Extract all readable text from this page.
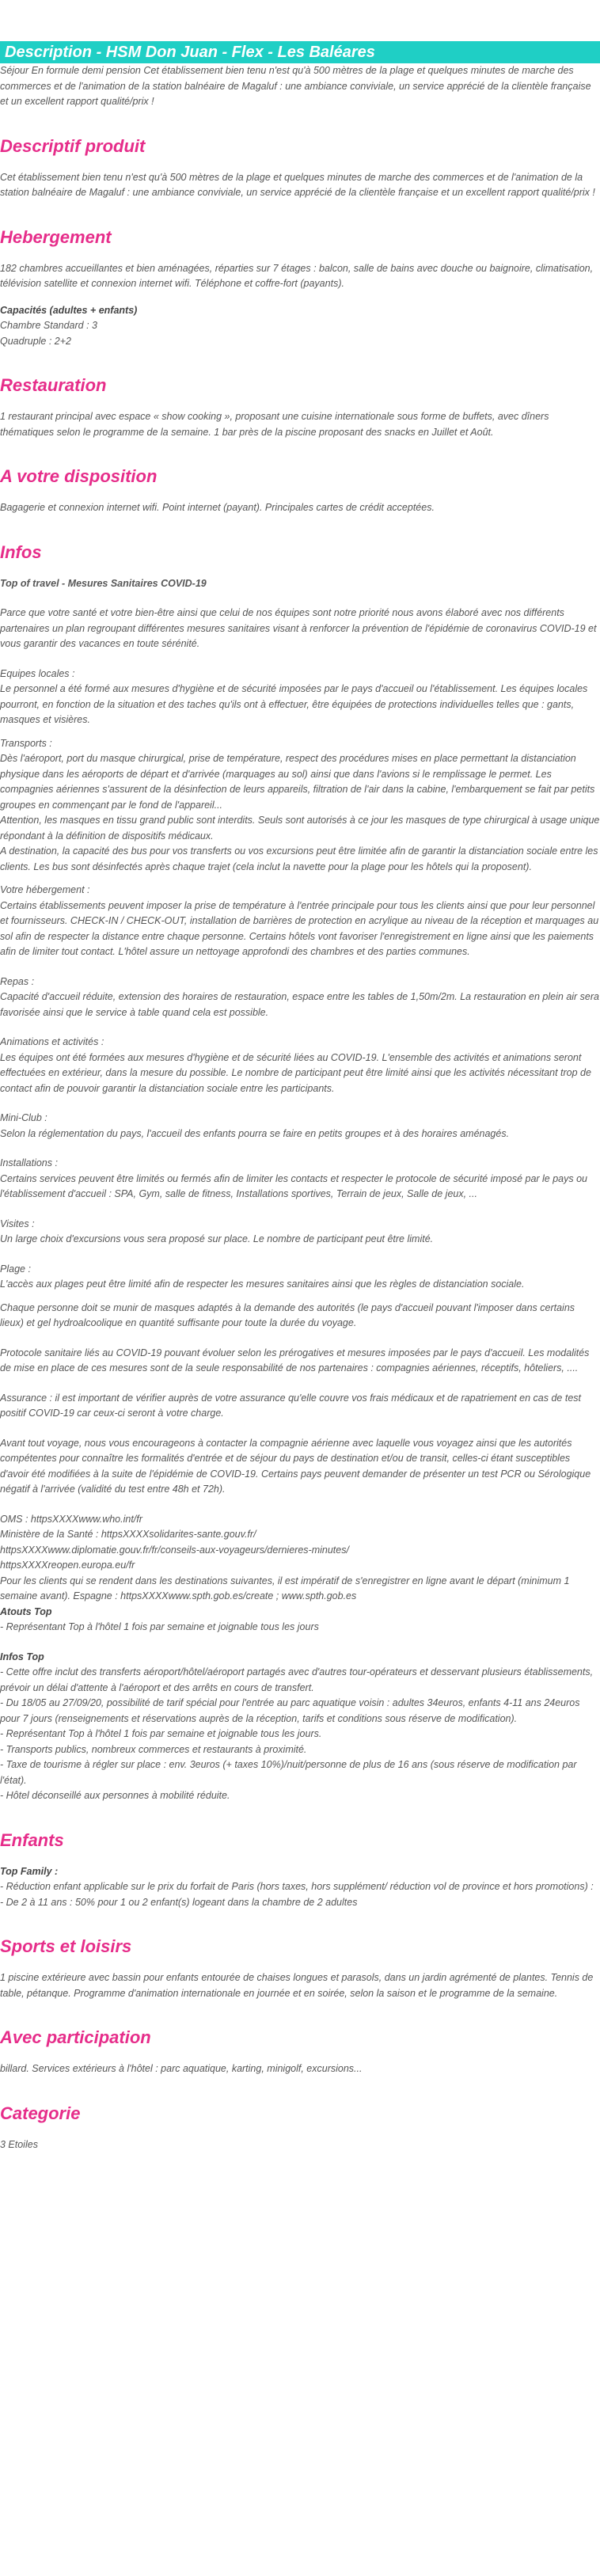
Description - HSM Don Juan - Flex - Les Baléares

Séjour En formule demi pension Cet établissement bien tenu n'est qu'à 500 mètres de la plage et quelques minutes de marche des commerces et de l'animation de la station balnéaire de Magaluf : une ambiance conviviale, un service apprécié de la clientèle française et un excellent rapport qualité/prix !

Descriptif produit

Cet établissement bien tenu n'est qu'à 500 mètres de la plage et quelques minutes de marche des commerces et de l'animation de la station balnéaire de Magaluf : une ambiance conviviale, un service apprécié de la clientèle française et un excellent rapport qualité/prix !

Hebergement

182 chambres accueillantes et bien aménagées, réparties sur 7 étages : balcon, salle de bains avec douche ou baignoire, climatisation, télévision satellite et connexion internet wifi. Téléphone et coffre-fort (payants).

Capacités (adultes + enfants)
Chambre Standard : 3
Quadruple : 2+2
Restauration

1 restaurant principal avec espace « show cooking », proposant une cuisine internationale sous forme de buffets, avec dîners thématiques selon le programme de la semaine. 1 bar près de la piscine proposant des snacks en Juillet et Août.

A votre disposition

Bagagerie et connexion internet wifi. Point internet (payant). Principales cartes de crédit acceptées.

Infos

Top of travel - Mesures Sanitaires COVID-19

Parce que votre santé et votre bien-être ainsi que celui de nos équipes sont notre priorité nous avons élaboré avec nos différents partenaires un plan regroupant différentes mesures sanitaires visant à renforcer la prévention de l'épidémie de coronavirus COVID-19 et vous garantir des vacances en toute sérénité.

Equipes locales :
Le personnel a été formé aux mesures d'hygiène et de sécurité imposées par le pays d'accueil ou l'établissement. Les équipes locales pourront, en fonction de la situation et des taches qu'ils ont à effectuer, être équipées de protections individuelles telles que : gants, masques et visières.
Transports :
Dès l'aéroport, port du masque chirurgical, prise de température, respect des procédures mises en place permettant la distanciation physique dans les aéroports de départ et d'arrivée (marquages au sol) ainsi que dans l'avions si le remplissage le permet. Les compagnies aériennes s'assurent de la désinfection de leurs appareils, filtration de l'air dans la cabine, l'embarquement se fait par petits groupes en commençant par le fond de l'appareil...
Attention, les masques en tissu grand public sont interdits. Seuls sont autorisés à ce jour les masques de type chirurgical à usage unique répondant à la définition de dispositifs médicaux.
A destination, la capacité des bus pour vos transferts ou vos excursions peut être limitée afin de garantir la distanciation sociale entre les clients. Les bus sont désinfectés après chaque trajet (cela inclut la navette pour la plage pour les hôtels qui la proposent).
Votre hébergement :
Certains établissements peuvent imposer la prise de température à l'entrée principale pour tous les clients ainsi que pour leur personnel et fournisseurs. CHECK-IN / CHECK-OUT, installation de barrières de protection en acrylique au niveau de la réception et marquages au sol afin de respecter la distance entre chaque personne. Certains hôtels vont favoriser l'enregistrement en ligne ainsi que les paiements afin de limiter tout contact. L'hôtel assure un nettoyage approfondi des chambres et des parties communes.
Repas :
Capacité d'accueil réduite, extension des horaires de restauration, espace entre les tables de 1,50m/2m. La restauration en plein air sera favorisée ainsi que le service à table quand cela est possible.
Animations et activités :
Les équipes ont été formées aux mesures d'hygiène et de sécurité liées au COVID-19. L'ensemble des activités et animations seront effectuées en extérieur, dans la mesure du possible. Le nombre de participant peut être limité ainsi que les activités nécessitant trop de contact afin de pouvoir garantir la distanciation sociale entre les participants.
Mini-Club :
Selon la réglementation du pays, l'accueil des enfants pourra se faire en petits groupes et à des horaires aménagés.
Installations :
Certains services peuvent être limités ou fermés afin de limiter les contacts et respecter le protocole de sécurité imposé par le pays ou l'établissement d'accueil : SPA, Gym, salle de fitness, Installations sportives, Terrain de jeux, Salle de jeux, ...
Visites :
Un large choix d'excursions vous sera proposé sur place. Le nombre de participant peut être limité.
Plage :
L'accès aux plages peut être limité afin de respecter les mesures sanitaires ainsi que les règles de distanciation sociale.

Chaque personne doit se munir de masques adaptés à la demande des autorités (le pays d'accueil pouvant l'imposer dans certains lieux) et gel hydroalcoolique en quantité suffisante pour toute la durée du voyage.

Protocole sanitaire liés au COVID-19 pouvant évoluer selon les prérogatives et mesures imposées par le pays d'accueil. Les modalités de mise en place de ces mesures sont de la seule responsabilité de nos partenaires : compagnies aériennes, réceptifs, hôteliers, ....

Assurance : il est important de vérifier auprès de votre assurance qu'elle couvre vos frais médicaux et de rapatriement en cas de test positif COVID-19 car ceux-ci seront à votre charge.

Avant tout voyage, nous vous encourageons à contacter la compagnie aérienne avec laquelle vous voyagez ainsi que les autorités compétentes pour connaître les formalités d'entrée et de séjour du pays de destination et/ou de transit, celles-ci étant susceptibles d'avoir été modifiées à la suite de l'épidémie de COVID-19. Certains pays peuvent demander de présenter un test PCR ou Sérologique négatif à l'arrivée (validité du test entre 48h et 72h).

OMS : httpsXXXXwww.who.int/fr
Ministère de la Santé : httpsXXXXsolidarites-sante.gouv.fr/
httpsXXXXwww.diplomatie.gouv.fr/fr/conseils-aux-voyageurs/dernieres-minutes/
httpsXXXXreopen.europa.eu/fr
Pour les clients qui se rendent dans les destinations suivantes, il est impératif de s'enregistrer en ligne avant le départ (minimum 1 semaine avant). Espagne : httpsXXXXwww.spth.gob.es/create ; www.spth.gob.es
Atouts Top
- Représentant Top à l'hôtel 1 fois par semaine et joignable tous les jours
Infos Top
- Cette offre inclut des transferts aéroport/hôtel/aéroport partagés avec d'autres tour-opérateurs et desservant plusieurs établissements, prévoir un délai d'attente à l'aéroport et des arrêts en cours de transfert.
- Du 18/05 au 27/09/20, possibilité de tarif spécial pour l'entrée au parc aquatique voisin : adultes 34euros, enfants 4-11 ans 24euros pour 7 jours (renseignements et réservations auprès de la réception, tarifs et conditions sous réserve de modification).
- Représentant Top à l'hôtel 1 fois par semaine et joignable tous les jours.
- Transports publics, nombreux commerces et restaurants à proximité.
- Taxe de tourisme à régler sur place : env. 3euros (+ taxes 10%)/nuit/personne de plus de 16 ans (sous réserve de modification par l'état).
- Hôtel déconseillé aux personnes à mobilité réduite.
Enfants
Top Family :
- Réduction enfant applicable sur le prix du forfait de Paris (hors taxes, hors supplément/ réduction vol de province et hors promotions) :
- De 2 à 11 ans : 50% pour 1 ou 2 enfant(s) logeant dans la chambre de 2 adultes
Sports et loisirs

1 piscine extérieure avec bassin pour enfants entourée de chaises longues et parasols, dans un jardin agrémenté de plantes. Tennis de table, pétanque. Programme d'animation internationale en journée et en soirée, selon la saison et le programme de la semaine.

Avec participation

billard. Services extérieurs à l'hôtel : parc aquatique, karting, minigolf, excursions...

Categorie

3 Etoiles
